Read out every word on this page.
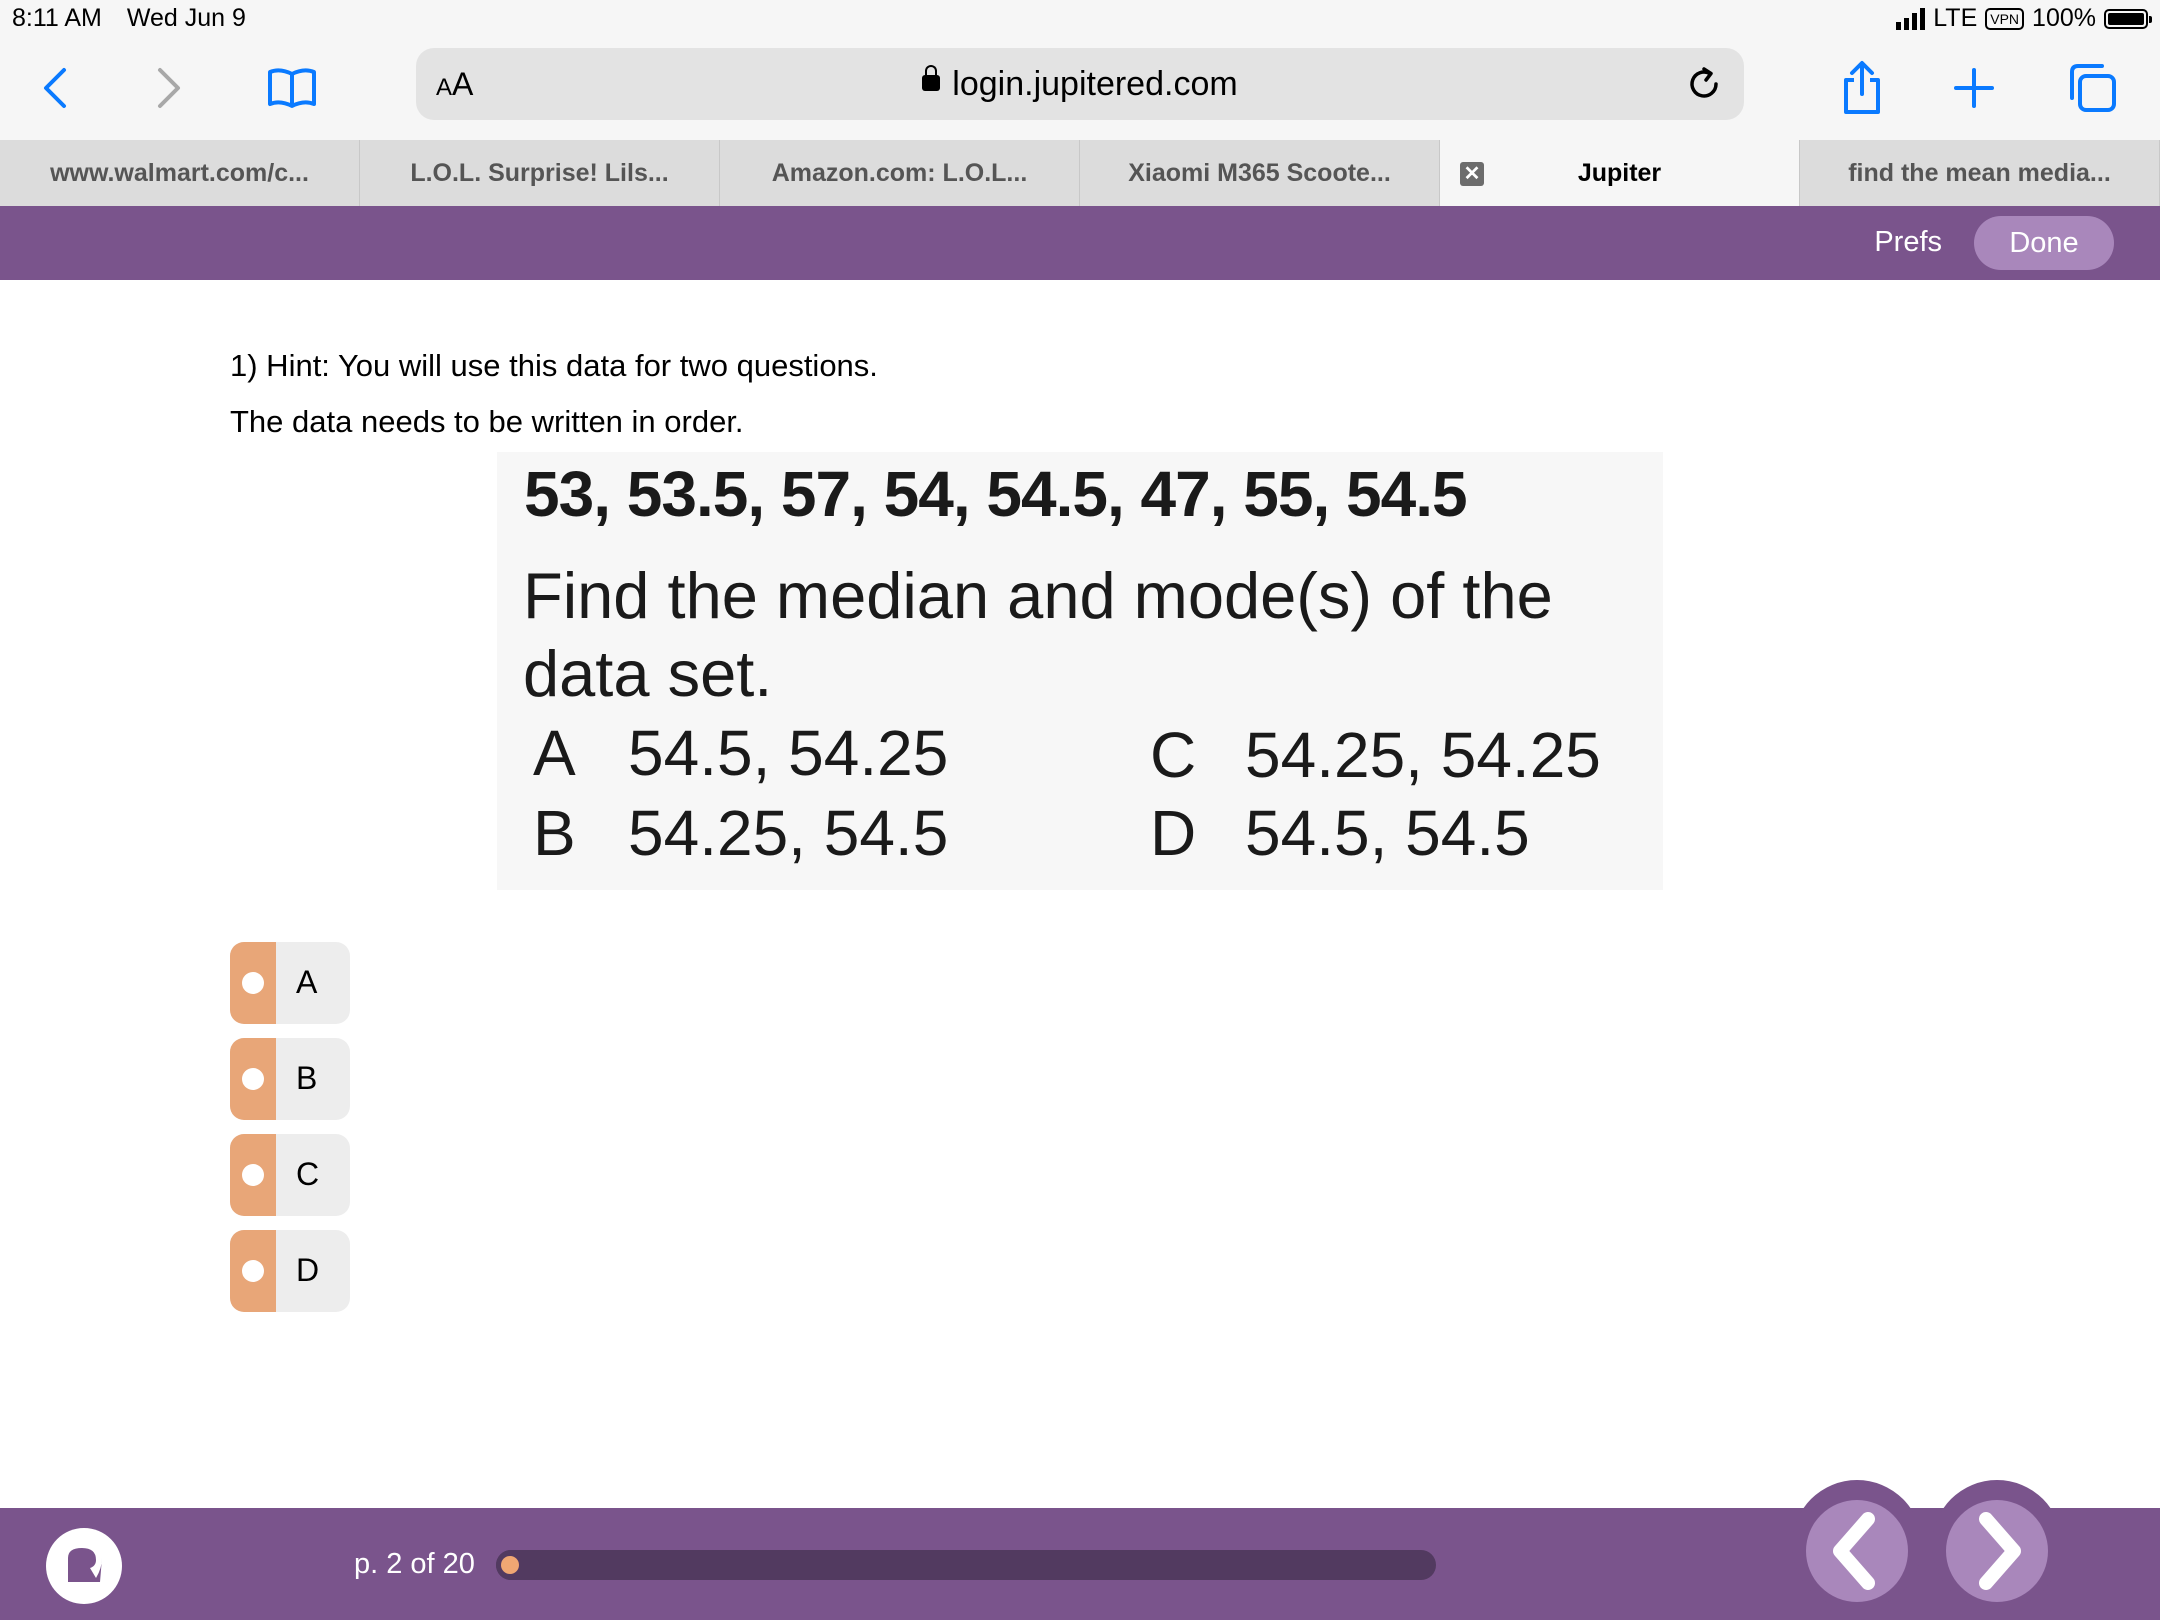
8:11 AM Wed Jun 9	LTE VPN 100%
AA	login.jupitered.com
www.walmart.com/c...	L.O.L. Surprise! Lils...	Amazon.com: L.O.L...	Xiaomi M365 Scoote...	✕	Jupiter	find the mean media...
Prefs	Done
1) Hint: You will use this data for two questions.
The data needs to be written in order.
53, 53.5, 57, 54, 54.5, 47, 55, 54.5
Find the median and mode(s) of the data set.
A 54.5, 54.25
B 54.25, 54.5
C 54.25, 54.25
D 54.5, 54.5
A
B
C
D
p. 2 of 20
